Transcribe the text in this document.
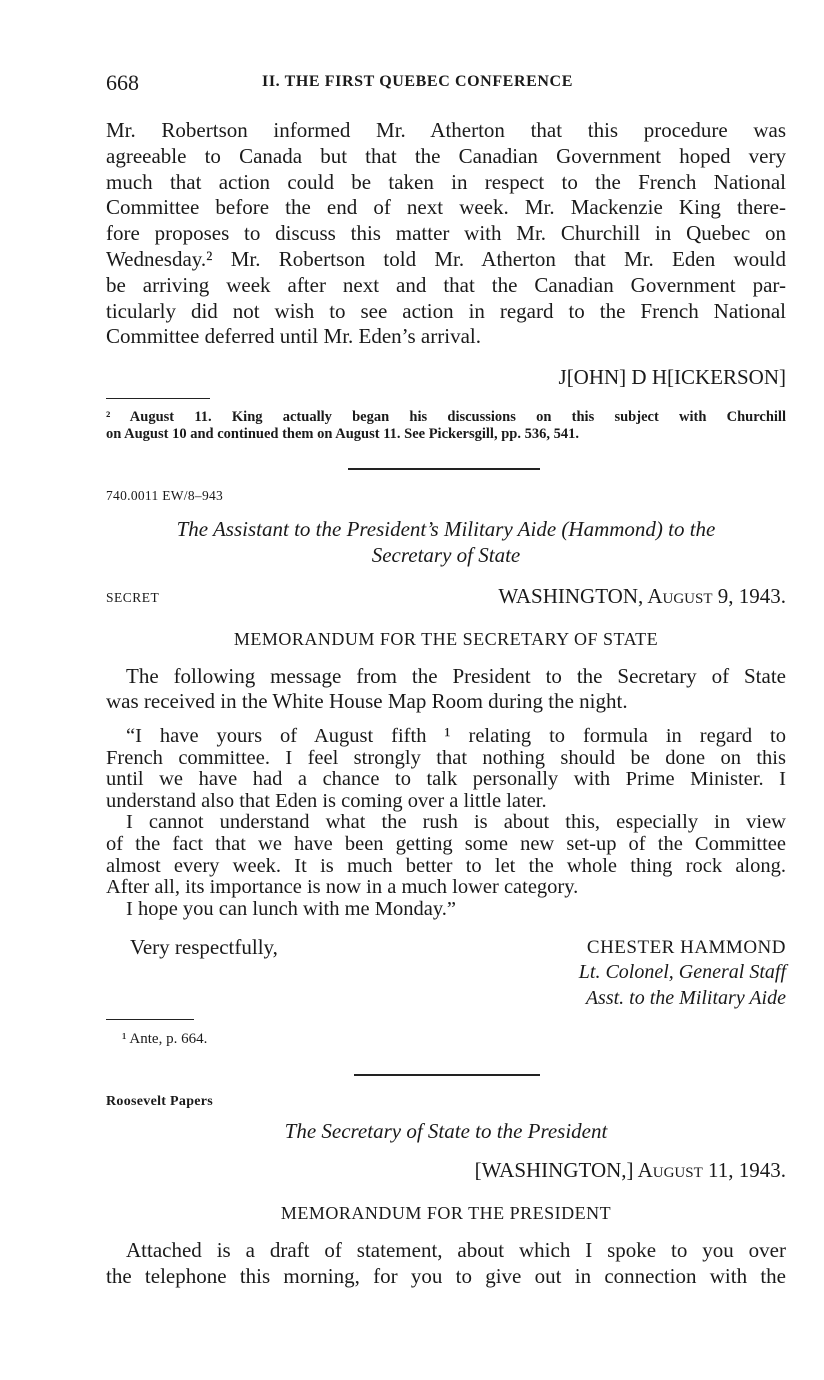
668	II. THE FIRST QUEBEC CONFERENCE
Mr. Robertson informed Mr. Atherton that this procedure was
agreeable to Canada but that the Canadian Government hoped very
much that action could be taken in respect to the French National
Committee before the end of next week. Mr. Mackenzie King there-
fore proposes to discuss this matter with Mr. Churchill in Quebec on
Wednesday.² Mr. Robertson told Mr. Atherton that Mr. Eden would
be arriving week after next and that the Canadian Government par-
ticularly did not wish to see action in regard to the French National
Committee deferred until Mr. Eden’s arrival.
J[OHN] D H[ICKERSON]
² August 11. King actually began his discussions on this subject with Churchill
on August 10 and continued them on August 11. See Pickersgill, pp. 536, 541.
740.0011 EW/8–943
The Assistant to the President’s Military Aide (Hammond) to the
Secretary of State
SECRET	WASHINGTON, August 9, 1943.
MEMORANDUM FOR THE SECRETARY OF STATE
The following message from the President to the Secretary of State
was received in the White House Map Room during the night.
“I have yours of August fifth ¹ relating to formula in regard to
French committee. I feel strongly that nothing should be done on this
until we have had a chance to talk personally with Prime Minister. I
understand also that Eden is coming over a little later.
I cannot understand what the rush is about this, especially in view
of the fact that we have been getting some new set-up of the Committee
almost every week. It is much better to let the whole thing rock along.
After all, its importance is now in a much lower category.
I hope you can lunch with me Monday.”
Very respectfully,	CHESTER HAMMOND
Lt. Colonel, General Staff
Asst. to the Military Aide
¹ Ante, p. 664.
Roosevelt Papers
The Secretary of State to the President
[WASHINGTON,] August 11, 1943.
MEMORANDUM FOR THE PRESIDENT
Attached is a draft of statement, about which I spoke to you over
the telephone this morning, for you to give out in connection with the
